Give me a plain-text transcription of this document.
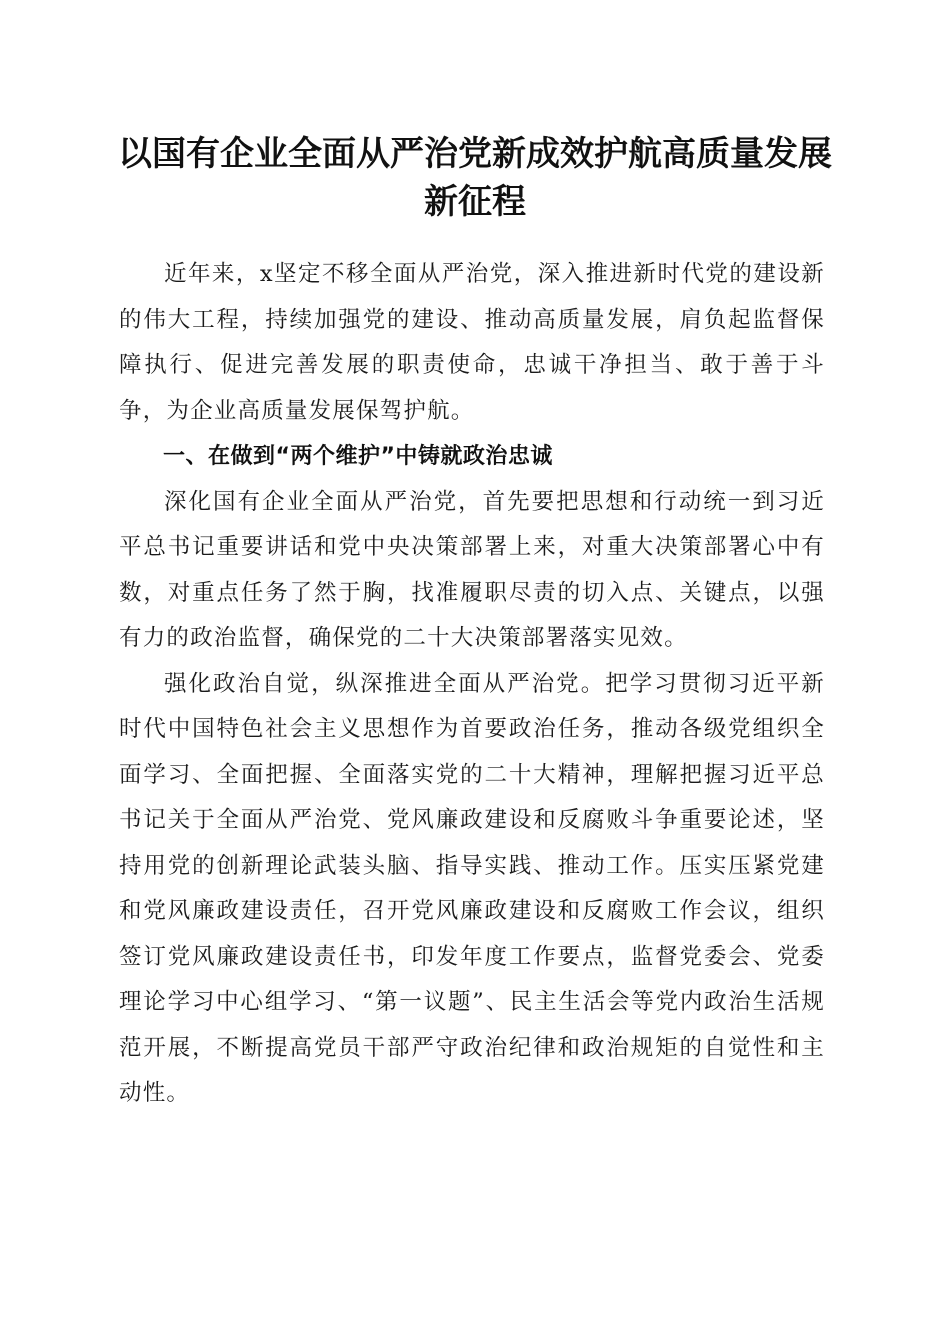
以国有企业全面从严治党新成效护航高质量发展新征程

近年来，x坚定不移全面从严治党，深入推进新时代党的建设新的伟大工程，持续加强党的建设、推动高质量发展，肩负起监督保障执行、促进完善发展的职责使命，忠诚干净担当、敢于善于斗争，为企业高质量发展保驾护航。

一、在做到“两个维护”中铸就政治忠诚

深化国有企业全面从严治党，首先要把思想和行动统一到习近平总书记重要讲话和党中央决策部署上来，对重大决策部署心中有数，对重点任务了然于胸，找准履职尽责的切入点、关键点，以强有力的政治监督，确保党的二十大决策部署落实见效。

强化政治自觉，纵深推进全面从严治党。把学习贯彻习近平新时代中国特色社会主义思想作为首要政治任务，推动各级党组织全面学习、全面把握、全面落实党的二十大精神，理解把握习近平总书记关于全面从严治党、党风廉政建设和反腐败斗争重要论述，坚持用党的创新理论武装头脑、指导实践、推动工作。压实压紧党建和党风廉政建设责任，召开党风廉政建设和反腐败工作会议，组织签订党风廉政建设责任书，印发年度工作要点，监督党委会、党委理论学习中心组学习、“第一议题”、民主生活会等党内政治生活规范开展，不断提高党员干部严守政治纪律和政治规矩的自觉性和主动性。
